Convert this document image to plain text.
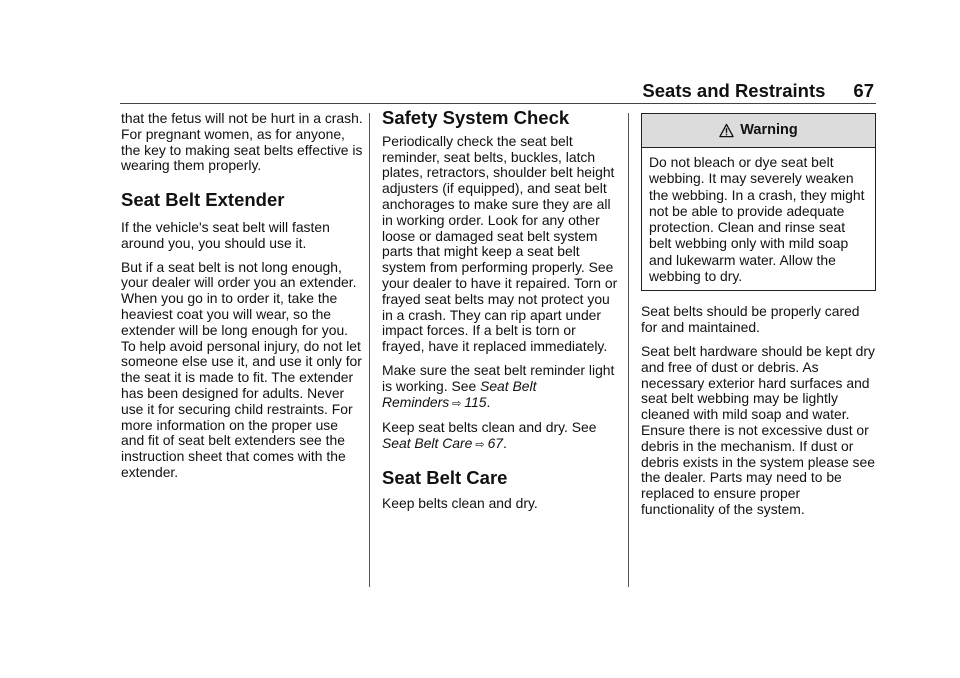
Seats and Restraints 67

that the fetus will not be hurt in a crash. For pregnant women, as for anyone, the key to making seat belts effective is wearing them properly.

Seat Belt Extender

If the vehicle's seat belt will fasten around you, you should use it.

But if a seat belt is not long enough, your dealer will order you an extender. When you go in to order it, take the heaviest coat you will wear, so the extender will be long enough for you. To help avoid personal injury, do not let someone else use it, and use it only for the seat it is made to fit. The extender has been designed for adults. Never use it for securing child restraints. For more information on the proper use and fit of seat belt extenders see the instruction sheet that comes with the extender.

Safety System Check

Periodically check the seat belt reminder, seat belts, buckles, latch plates, retractors, shoulder belt height adjusters (if equipped), and seat belt anchorages to make sure they are all in working order. Look for any other loose or damaged seat belt system parts that might keep a seat belt system from performing properly. See your dealer to have it repaired. Torn or frayed seat belts may not protect you in a crash. They can rip apart under impact forces. If a belt is torn or frayed, have it replaced immediately.

Make sure the seat belt reminder light is working. See Seat Belt Reminders ⇨ 115.

Keep seat belts clean and dry. See Seat Belt Care ⇨ 67.

Seat Belt Care

Keep belts clean and dry.

Warning

Do not bleach or dye seat belt webbing. It may severely weaken the webbing. In a crash, they might not be able to provide adequate protection. Clean and rinse seat belt webbing only with mild soap and lukewarm water. Allow the webbing to dry.

Seat belts should be properly cared for and maintained.

Seat belt hardware should be kept dry and free of dust or debris. As necessary exterior hard surfaces and seat belt webbing may be lightly cleaned with mild soap and water. Ensure there is not excessive dust or debris in the mechanism. If dust or debris exists in the system please see the dealer. Parts may need to be replaced to ensure proper functionality of the system.
